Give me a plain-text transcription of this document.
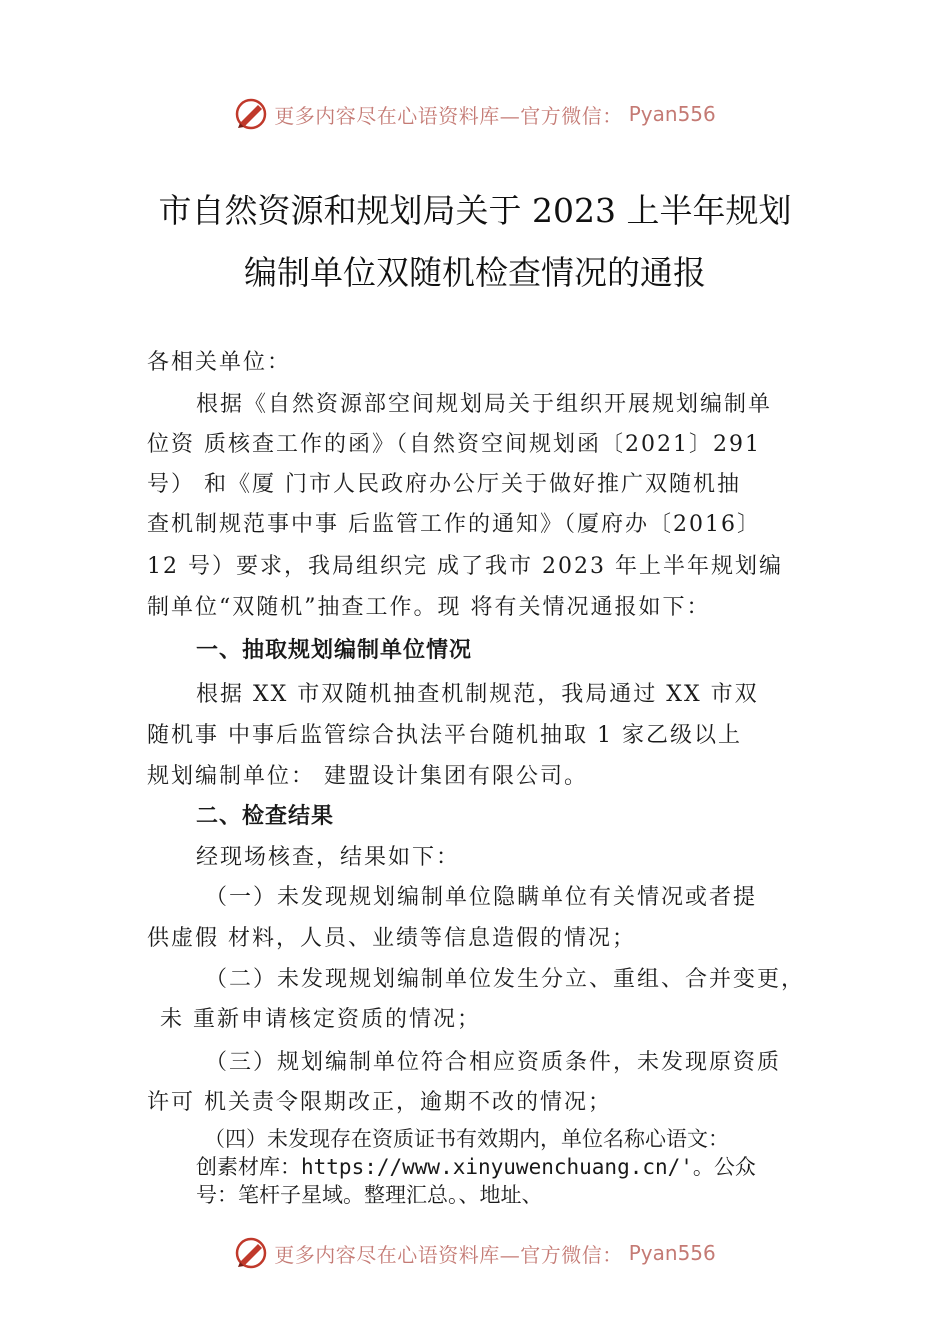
更多内容尽在心语资料库—官方微信： Pyan556
市自然资源和规划局关于 2023 上半年规划
编制单位双随机检查情况的通报
各相关单位：
根据《自然资源部空间规划局关于组织开展规划编制单
位资 质核查工作的函》（自然资空间规划函〔2021〕291
号） 和《厦 门市人民政府办公厅关于做好推广双随机抽
查机制规范事中事 后监管工作的通知》（厦府办〔2016〕
12 号）要求，我局组织完 成了我市 2023 年上半年规划编
制单位“双随机”抽查工作。现 将有关情况通报如下：
一、抽取规划编制单位情况
根据 XX 市双随机抽查机制规范，我局通过 XX 市双
随机事 中事后监管综合执法平台随机抽取 1 家乙级以上
规划编制单位： 建盟设计集团有限公司。
二、检查结果
经现场核查，结果如下：
（一）未发现规划编制单位隐瞒单位有关情况或者提
供虚假 材料，人员、业绩等信息造假的情况；
（二）未发现规划编制单位发生分立、重组、合并变更，
未 重新申请核定资质的情况；
（三）规划编制单位符合相应资质条件，未发现原资质
许可 机关责令限期改正，逾期不改的情况；
（四）未发现存在资质证书有效期内，单位名称心语文：
创素材库：https://www.xinyuwenchuang.cn/'。公众
号：笔杆子星域。整理汇总。、地址、
更多内容尽在心语资料库—官方微信： Pyan556
